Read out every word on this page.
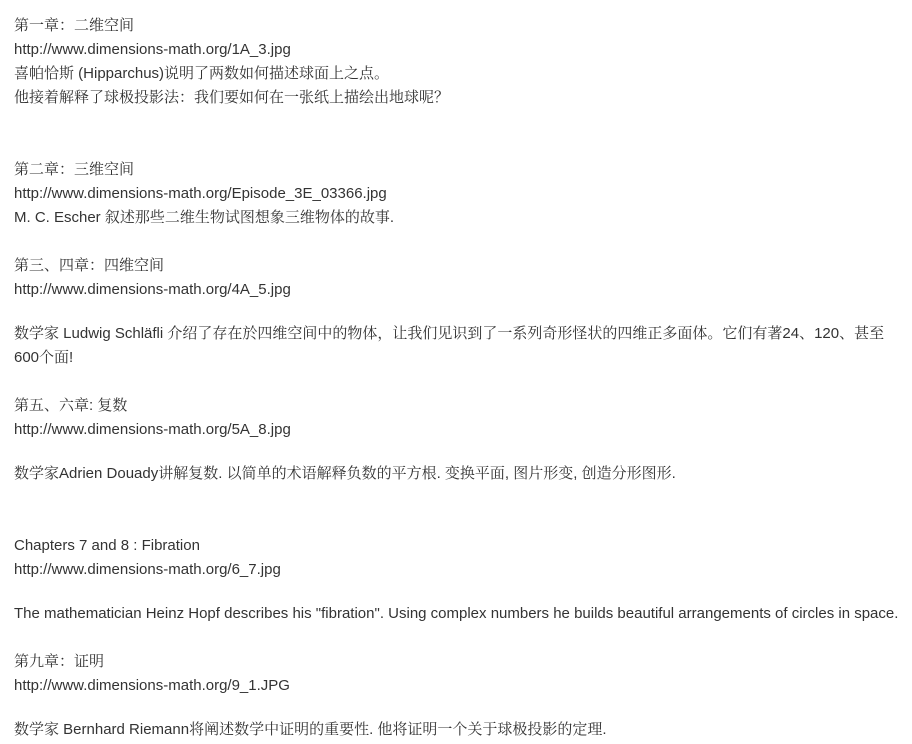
第一章：二维空间
http://www.dimensions-math.org/1A_3.jpg
喜帕恰斯 (Hipparchus)说明了两数如何描述球面上之点。
他接着解释了球极投影法：我们要如何在一张纸上描绘出地球呢？
第二章：三维空间
http://www.dimensions-math.org/Episode_3E_03366.jpg
M. C. Escher 叙述那些二维生物试图想象三维物体的故事.
第三、四章：四维空间
http://www.dimensions-math.org/4A_5.jpg
数学家 Ludwig Schläfli 介绍了存在於四维空间中的物体，让我们见识到了一系列奇形怪状的四维正多面体。它们有著24、120、甚至600个面!
第五、六章: 复数
http://www.dimensions-math.org/5A_8.jpg
数学家Adrien Douady讲解复数. 以简单的术语解释负数的平方根. 变换平面, 图片形变, 创造分形图形.
Chapters 7 and 8 : Fibration
http://www.dimensions-math.org/6_7.jpg
The mathematician Heinz Hopf describes his "fibration". Using complex numbers he builds beautiful arrangements of circles in space.
第九章：证明
http://www.dimensions-math.org/9_1.JPG
数学家 Bernhard Riemann将阐述数学中证明的重要性. 他将证明一个关于球极投影的定理.
